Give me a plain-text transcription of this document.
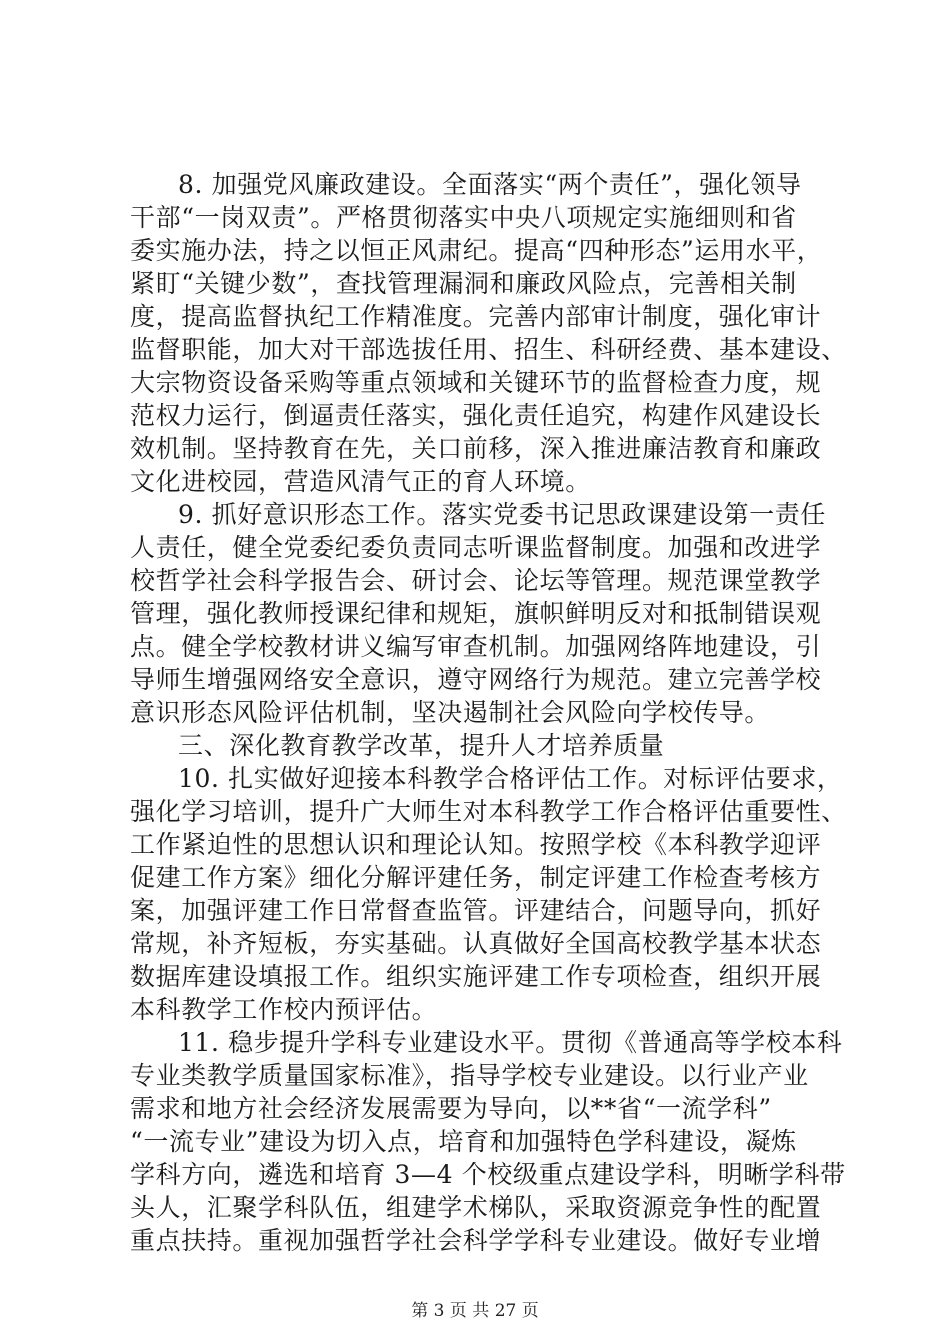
8. 加强党风廉政建设。全面落实“两个责任”，强化领导
干部“一岗双责”。严格贯彻落实中央八项规定实施细则和省
委实施办法，持之以恒正风肃纪。提高“四种形态”运用水平，
紧盯“关键少数”，查找管理漏洞和廉政风险点，完善相关制
度，提高监督执纪工作精准度。完善内部审计制度，强化审计
监督职能，加大对干部选拔任用、招生、科研经费、基本建设、
大宗物资设备采购等重点领域和关键环节的监督检查力度，规
范权力运行，倒逼责任落实，强化责任追究，构建作风建设长
效机制。坚持教育在先，关口前移，深入推进廉洁教育和廉政
文化进校园，营造风清气正的育人环境。
9. 抓好意识形态工作。落实党委书记思政课建设第一责任
人责任，健全党委纪委负责同志听课监督制度。加强和改进学
校哲学社会科学报告会、研讨会、论坛等管理。规范课堂教学
管理，强化教师授课纪律和规矩，旗帜鲜明反对和抵制错误观
点。健全学校教材讲义编写审查机制。加强网络阵地建设，引
导师生增强网络安全意识，遵守网络行为规范。建立完善学校
意识形态风险评估机制，坚决遏制社会风险向学校传导。
三、深化教育教学改革，提升人才培养质量
10. 扎实做好迎接本科教学合格评估工作。对标评估要求，
强化学习培训，提升广大师生对本科教学工作合格评估重要性、
工作紧迫性的思想认识和理论认知。按照学校《本科教学迎评
促建工作方案》细化分解评建任务，制定评建工作检查考核方
案，加强评建工作日常督查监管。评建结合，问题导向，抓好
常规，补齐短板，夯实基础。认真做好全国高校教学基本状态
数据库建设填报工作。组织实施评建工作专项检查，组织开展
本科教学工作校内预评估。
11. 稳步提升学科专业建设水平。贯彻《普通高等学校本科
专业类教学质量国家标准》，指导学校专业建设。以行业产业
需求和地方社会经济发展需要为导向，以**省“一流学科”
“一流专业”建设为切入点，培育和加强特色学科建设，凝炼
学科方向，遴选和培育 3—4 个校级重点建设学科，明晰学科带
头人，汇聚学科队伍，组建学术梯队，采取资源竞争性的配置
重点扶持。重视加强哲学社会科学学科专业建设。做好专业增
第 3 页 共 27 页
